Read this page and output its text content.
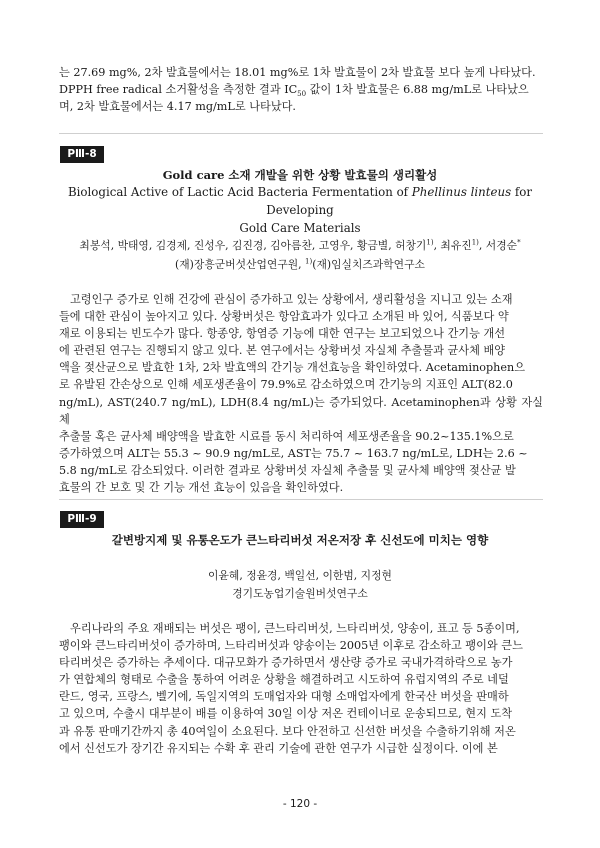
는 27.69 mg%, 2차 발효물에서는 18.01 mg%로 1차 발효물이 2차 발효물 보다 높게 나타났다.
DPPH free radical 소거활성을 측정한 결과 $IC_{50}$ 값이 1차 발효물은 6.88 mg/mL로 나타났으
며, 2차 발효물에서는 4.17 mg/mL로 나타났다.

PⅢ-8

Gold care 소재 개발을 위한 상황 발효물의 생리활성

Biological Active of Lactic Acid Bacteria Fermentation of Phellinus linteus for Developing
Gold Care Materials

최봉석, 박태영, 김경제, 진성우, 김진경, 김아름찬, 고영우, 황금별, 허창기$^{1)}$, 최유진$^{1)}$, 서경순*

(재)장흥군버섯산업연구원, $^{1)}$(재)임실치즈과학연구소

고령인구 증가로 인해 건강에 관심이 증가하고 있는 상황에서, 생리활성을 지니고 있는 소재
들에 대한 관심이 높아지고 있다. 상황버섯은 항암효과가 있다고 소개된 바 있어, 식품보다 약
재로 이용되는 빈도수가 많다. 항종양, 항염증 기능에 대한 연구는 보고되었으나 간기능 개선
에 관련된 연구는 진행되지 않고 있다. 본 연구에서는 상황버섯 자실체 추출물과 균사체 배양
액을 젖산균으로 발효한 1차, 2차 발효액의 간기능 개선효능을 확인하였다. Acetaminophen으
로 유발된 간손상으로 인해 세포생존율이 79.9%로 감소하였으며 간기능의 지표인 ALT(82.0
ng/mL), AST(240.7 ng/mL), LDH(8.4 ng/mL)는 증가되었다. Acetaminophen과 상황 자실체
추출물 혹은 균사체 배양액을 발효한 시료를 동시 처리하여 세포생존율을 90.2~135.1%으로
증가하였으며 ALT는 55.3 ~ 90.9 ng/mL로, AST는 75.7 ~ 163.7 ng/mL로, LDH는 2.6 ~
5.8 ng/mL로 감소되었다. 이러한 결과로 상황버섯 자실체 추출물 및 균사체 배양액 젖산균 발
효물의 간 보호 및 간 기능 개선 효능이 있음을 확인하였다.

PⅢ-9

갈변방지제 및 유통온도가 큰느타리버섯 저온저장 후 신선도에 미치는 영향

이윤혜, 정윤경, 백일선, 이한범, 지정현

경기도농업기술원버섯연구소

우리나라의 주요 재배되는 버섯은 팽이, 큰느타리버섯, 느타리버섯, 양송이, 표고 등 5종이며,
팽이와 큰느타리버섯이 증가하며, 느타리버섯과 양송이는 2005년 이후로 감소하고 팽이와 큰느
타리버섯은 증가하는 추세이다. 대규모화가 증가하면서 생산량 증가로 국내가격하락으로 농가
가 연합체의 형태로 수출을 통하여 어려운 상황을 해결하려고 시도하여 유럽지역의 주로 네덜
란드, 영국, 프랑스, 벨기에, 독일지역의 도매업자와 대형 소매업자에게 한국산 버섯을 판매하
고 있으며, 수출시 대부분이 배를 이용하여 30일 이상 저온 컨테이너로 운송되므로, 현지 도착
과 유통 판매기간까지 총 40여일이 소요된다. 보다 안전하고 신선한 버섯을 수출하기위해 저온
에서 신선도가 장기간 유지되는 수확 후 관리 기술에 관한 연구가 시급한 실정이다. 이에 본

- 120 -
